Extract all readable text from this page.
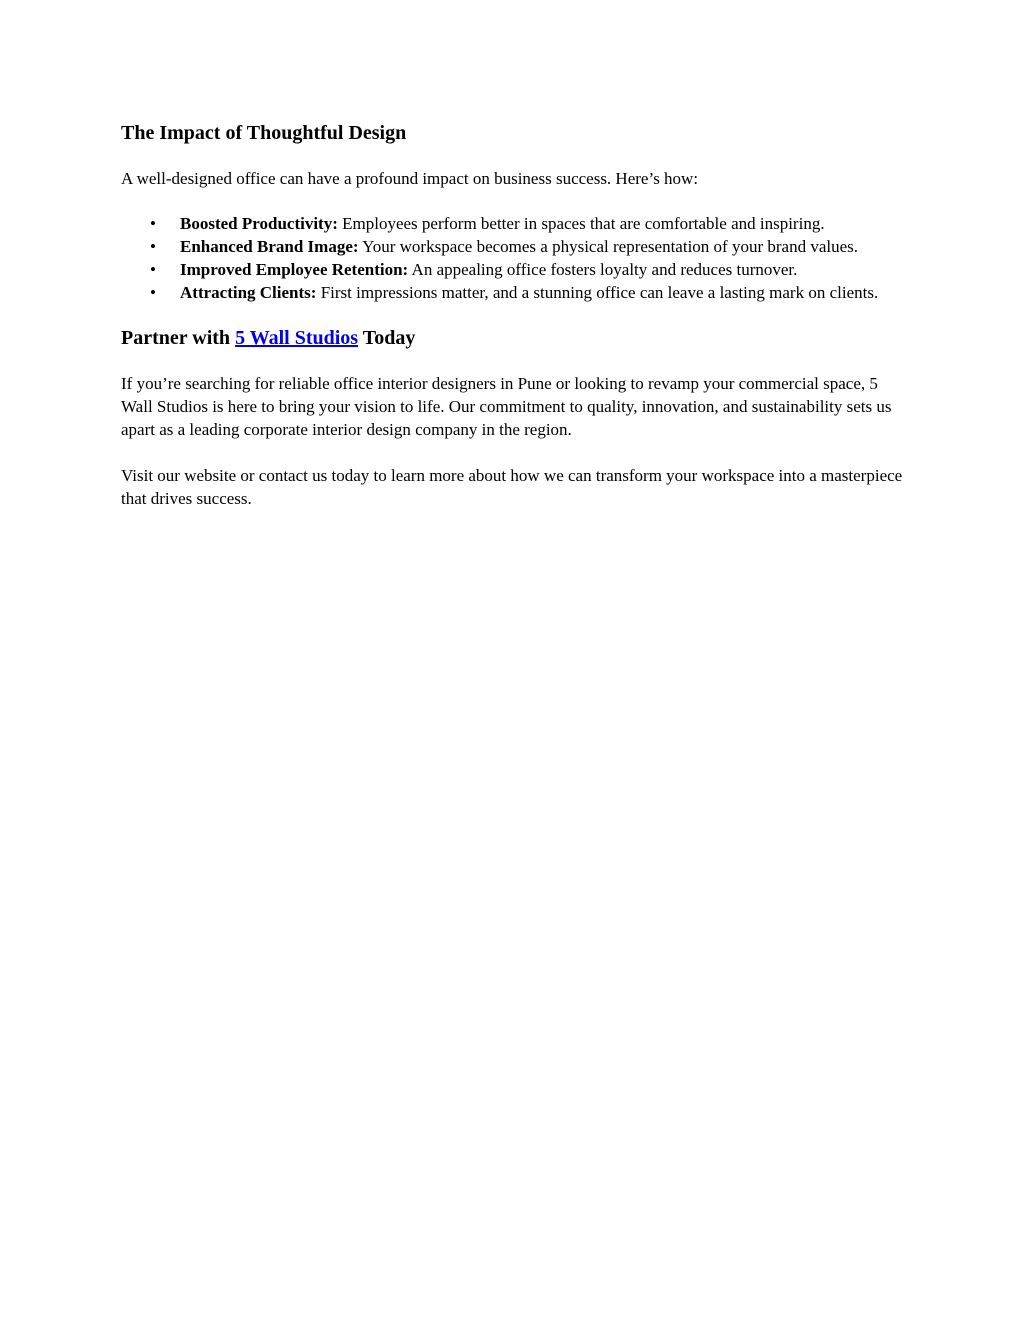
The Impact of Thoughtful Design

A well-designed office can have a profound impact on business success. Here’s how:

• Boosted Productivity: Employees perform better in spaces that are comfortable and inspiring.
• Enhanced Brand Image: Your workspace becomes a physical representation of your brand values.
• Improved Employee Retention: An appealing office fosters loyalty and reduces turnover.
• Attracting Clients: First impressions matter, and a stunning office can leave a lasting mark on clients.
Partner with 5 Wall Studios Today

If you’re searching for reliable office interior designers in Pune or looking to revamp your commercial space, 5 Wall Studios is here to bring your vision to life. Our commitment to quality, innovation, and sustainability sets us apart as a leading corporate interior design company in the region.

Visit our website or contact us today to learn more about how we can transform your workspace into a masterpiece that drives success.
